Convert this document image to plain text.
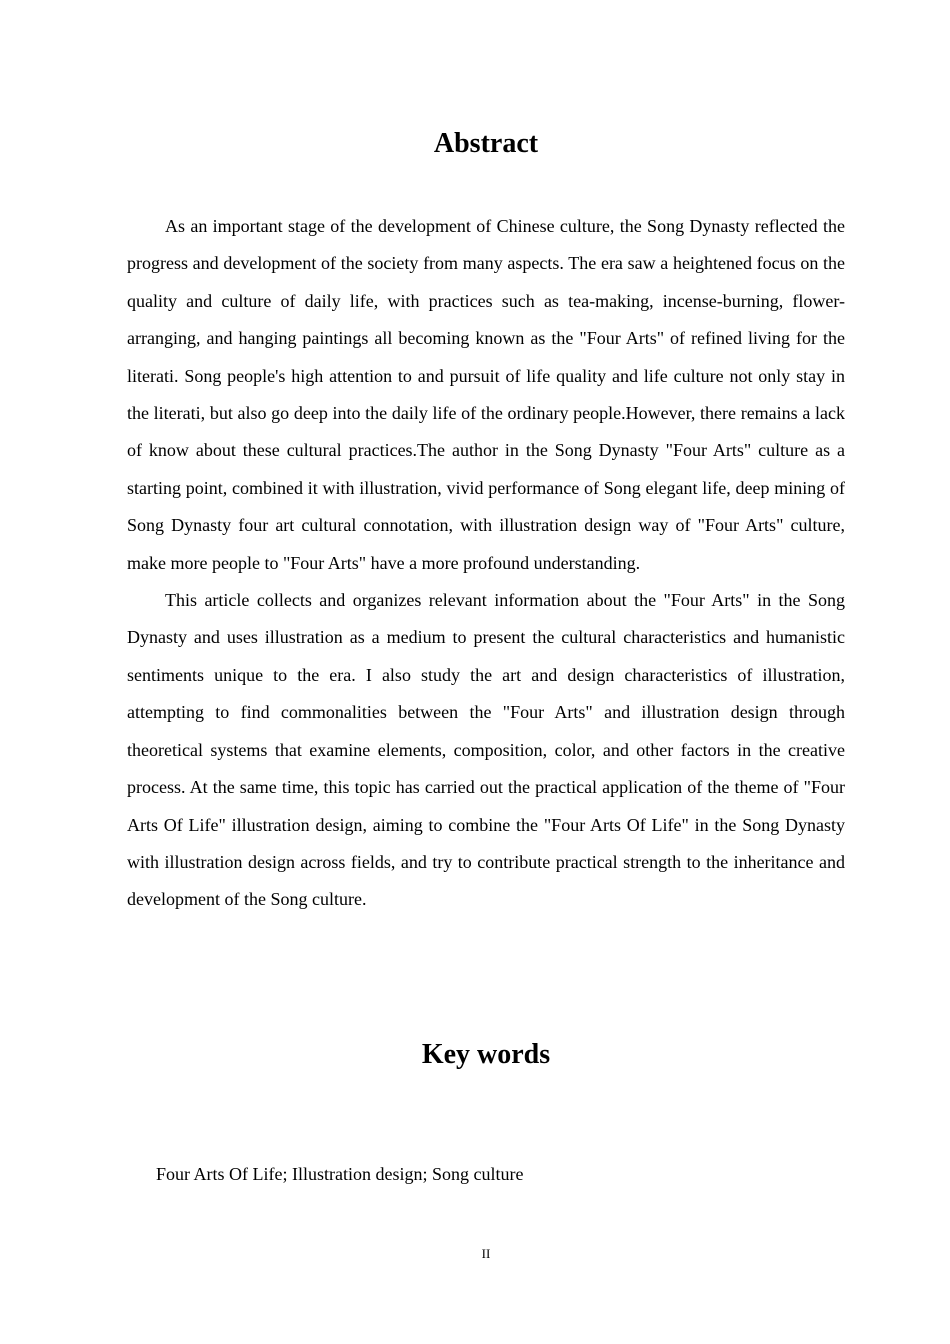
Abstract

As an important stage of the development of Chinese culture, the Song Dynasty reflected the progress and development of the society from many aspects. The era saw a heightened focus on the quality and culture of daily life, with practices such as tea-making, incense-burning, flower-arranging, and hanging paintings all becoming known as the "Four Arts" of refined living for the literati. Song people's high attention to and pursuit of life quality and life culture not only stay in the literati, but also go deep into the daily life of the ordinary people.However, there remains a lack of know about these cultural practices.The author in the Song Dynasty "Four Arts" culture as a starting point, combined it with illustration, vivid performance of Song elegant life, deep mining of Song Dynasty four art cultural connotation, with illustration design way of "Four Arts" culture, make more people to "Four Arts" have a more profound understanding.

This article collects and organizes relevant information about the "Four Arts" in the Song Dynasty and uses illustration as a medium to present the cultural characteristics and humanistic sentiments unique to the era. I also study the art and design characteristics of illustration, attempting to find commonalities between the "Four Arts" and illustration design through theoretical systems that examine elements, composition, color, and other factors in the creative process. At the same time, this topic has carried out the practical application of the theme of "Four Arts Of Life" illustration design, aiming to combine the "Four Arts Of Life" in the Song Dynasty with illustration design across fields, and try to contribute practical strength to the inheritance and development of the Song culture.

Key words

Four Arts Of Life; Illustration design; Song culture

II
